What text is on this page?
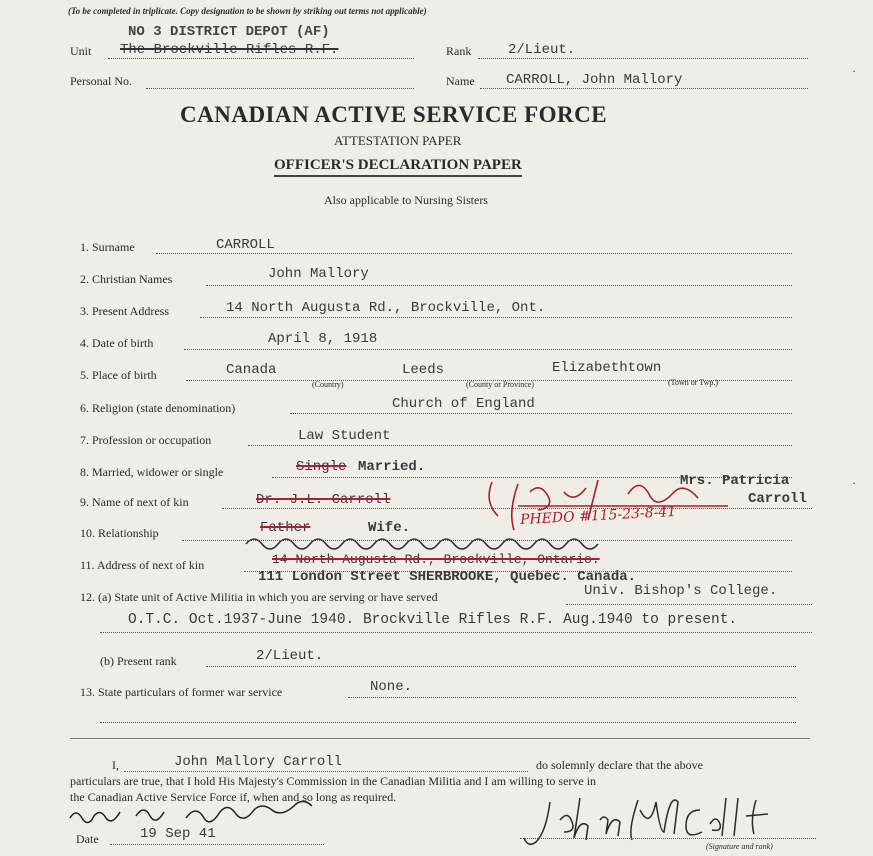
(To be completed in triplicate. Copy designation to be shown by striking out terms not applicable)
NO 3 DISTRICT DEPOT (AF)
Unit The Brockville Rifles R.F.	Rank	2/Lieut.
Personal No.	Name CARROLL, John Mallory
CANADIAN ACTIVE SERVICE FORCE
ATTESTATION PAPER
OFFICER'S DECLARATION PAPER
Also applicable to Nursing Sisters
1. Surname	CARROLL
2. Christian Names	John Mallory
3. Present Address	14 North Augusta Rd., Brockville, Ont.
4. Date of birth	April 8, 1918
5. Place of birth	Canada	Leeds	Elizabethtown
(Country)	(County or Province)	(Town or Twp.)
6. Religion (state denomination)	Church of England
7. Profession or occupation	Law Student
8. Married, widower or single	Single Married.
9. Name of next of kin	Dr. J.L. Carroll
Mrs. Patricia
Carroll
10. Relationship	Father	Wife.	PHEDO #115-23-8-41
11. Address of next of kin	14 North Augusta Rd., Brockville, Ontario.
111 London Street SHERBROOKE, Quebec. Canada.
12. (a) State unit of Active Militia in which you are serving or have served	Univ. Bishop's College.
O.T.C. Oct.1937-June 1940. Brockville Rifles R.F. Aug.1940 to present.
(b) Present rank	2/Lieut.
13. State particulars of former war service	None.
I,	John Mallory Carroll	do solemnly declare that the above
particulars are true, that I hold His Majesty's Commission in the Canadian Militia and I am willing to serve in
the Canadian Active Service Force if, when and so long as required.
Date	19 Sep 41
(Signature and rank)
·
·
